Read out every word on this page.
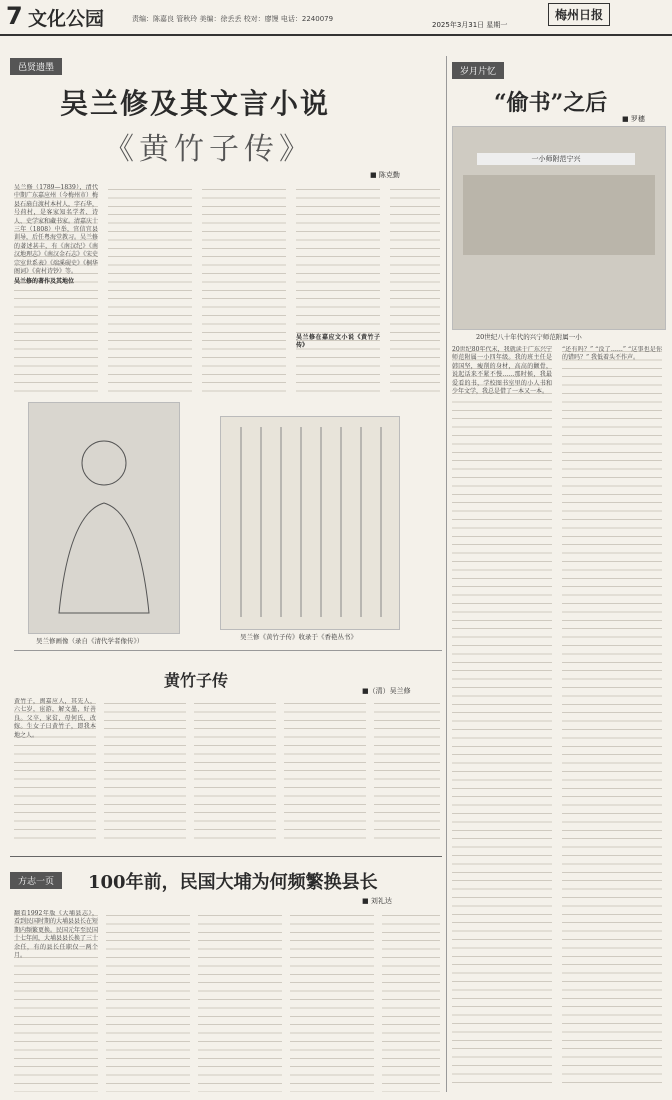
7 文化公园	责编：陈嘉良 管秋玲 美编：徐丢丢 校对：廖馒 电话：2240079
2025年3月31日 星期一
梅州日报
邑贤遗墨
吴兰修及其文言小说
《黄竹子传》
■ 陈克勤
吴兰修（1789—1839），清代中期广东嘉应州（今梅州市）梅县石扇白渡村本村人，字石华，号荷村，是客家知名学者、诗人、史学家和藏书家。清嘉庆十三年（1808）中举，官信宜县训导，后任粤海堂教习。吴兰修的著述甚丰，有《南汉纪》《南汉地理志》《南汉金石志》《宋史宗室世系表》《端溪砚史》《桐华阁词》《荷村诗钞》等。
吴兰修的著作及其地位
吴兰修在嘉应文小说《黄竹子传》
吴兰修画像（录自《清代学者像传》）	吴兰修《黄竹子传》收录于《香艳丛书》
黄竹子传
■（清）吴兰修
黄竹子，闽嘉应人，其先人，六七岁，宦游，解文墨，好善良。父卒，家贫，母何氏，改嫁。生女子曰黄竹子，即我本地之人。
方志一页	100年前，民国大埔为何频繁换县长
■ 刘礼达
翻看1992年版《大埔县志》，看到民国时期的大埔县县长在短期内频繁更换。民国元年至民国十七年间，大埔县县长换了三十余任，有的县长任职仅一两个月。
岁月片忆
“偷书”之后
■ 罗穗
一小师附范宁兴
20世纪八十年代的兴宁师范附属一小
20世纪80年代末，我就读于广东兴宁师范附属一小四年级。我的班主任是韩国坚，瘦削的身材，高高的颧骨，说起话来不紧不慢……那时候，我最爱看的书，学校图书室里的小人书和少年文学，我总是借了一本又一本。
“还有吗？” “没了……” “这事也是你的错吗？” 我低着头不作声。
